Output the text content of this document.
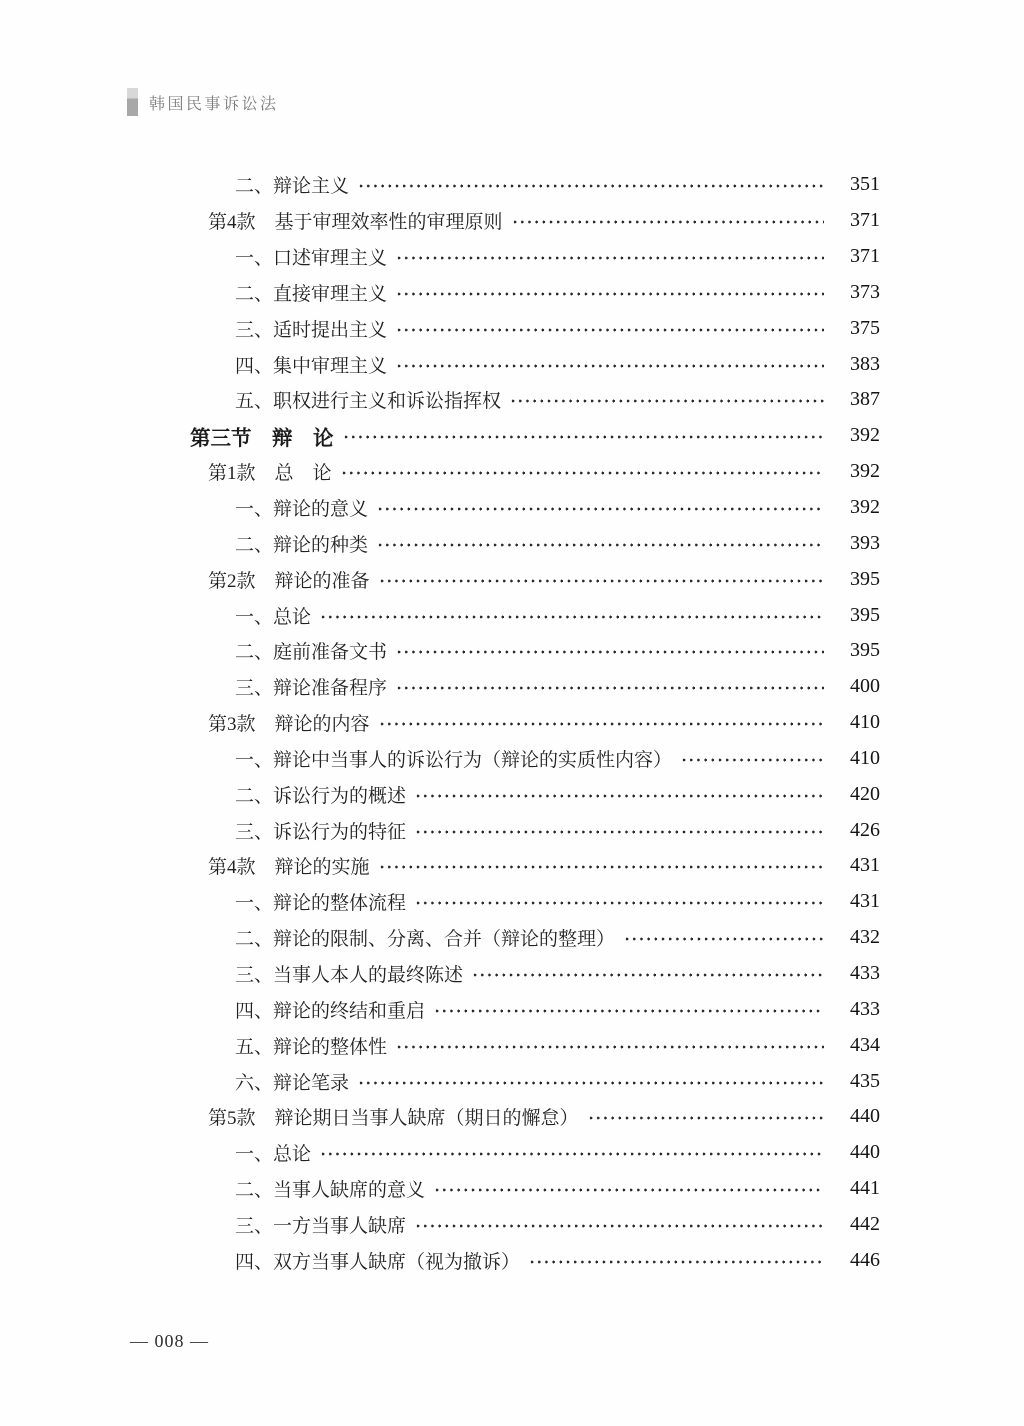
韩国民事诉讼法
二、辩论主义	351
第4款　基于审理效率性的审理原则	371
一、口述审理主义	371
二、直接审理主义	373
三、适时提出主义	375
四、集中审理主义	383
五、职权进行主义和诉讼指挥权	387
第三节　辩　论	392
第1款　总　论	392
一、辩论的意义	392
二、辩论的种类	393
第2款　辩论的准备	395
一、总论	395
二、庭前准备文书	395
三、辩论准备程序	400
第3款　辩论的内容	410
一、辩论中当事人的诉讼行为（辩论的实质性内容）	410
二、诉讼行为的概述	420
三、诉讼行为的特征	426
第4款　辩论的实施	431
一、辩论的整体流程	431
二、辩论的限制、分离、合并（辩论的整理）	432
三、当事人本人的最终陈述	433
四、辩论的终结和重启	433
五、辩论的整体性	434
六、辩论笔录	435
第5款　辩论期日当事人缺席（期日的懈怠）	440
一、总论	440
二、当事人缺席的意义	441
三、一方当事人缺席	442
四、双方当事人缺席（视为撤诉）	446
— 008 —
